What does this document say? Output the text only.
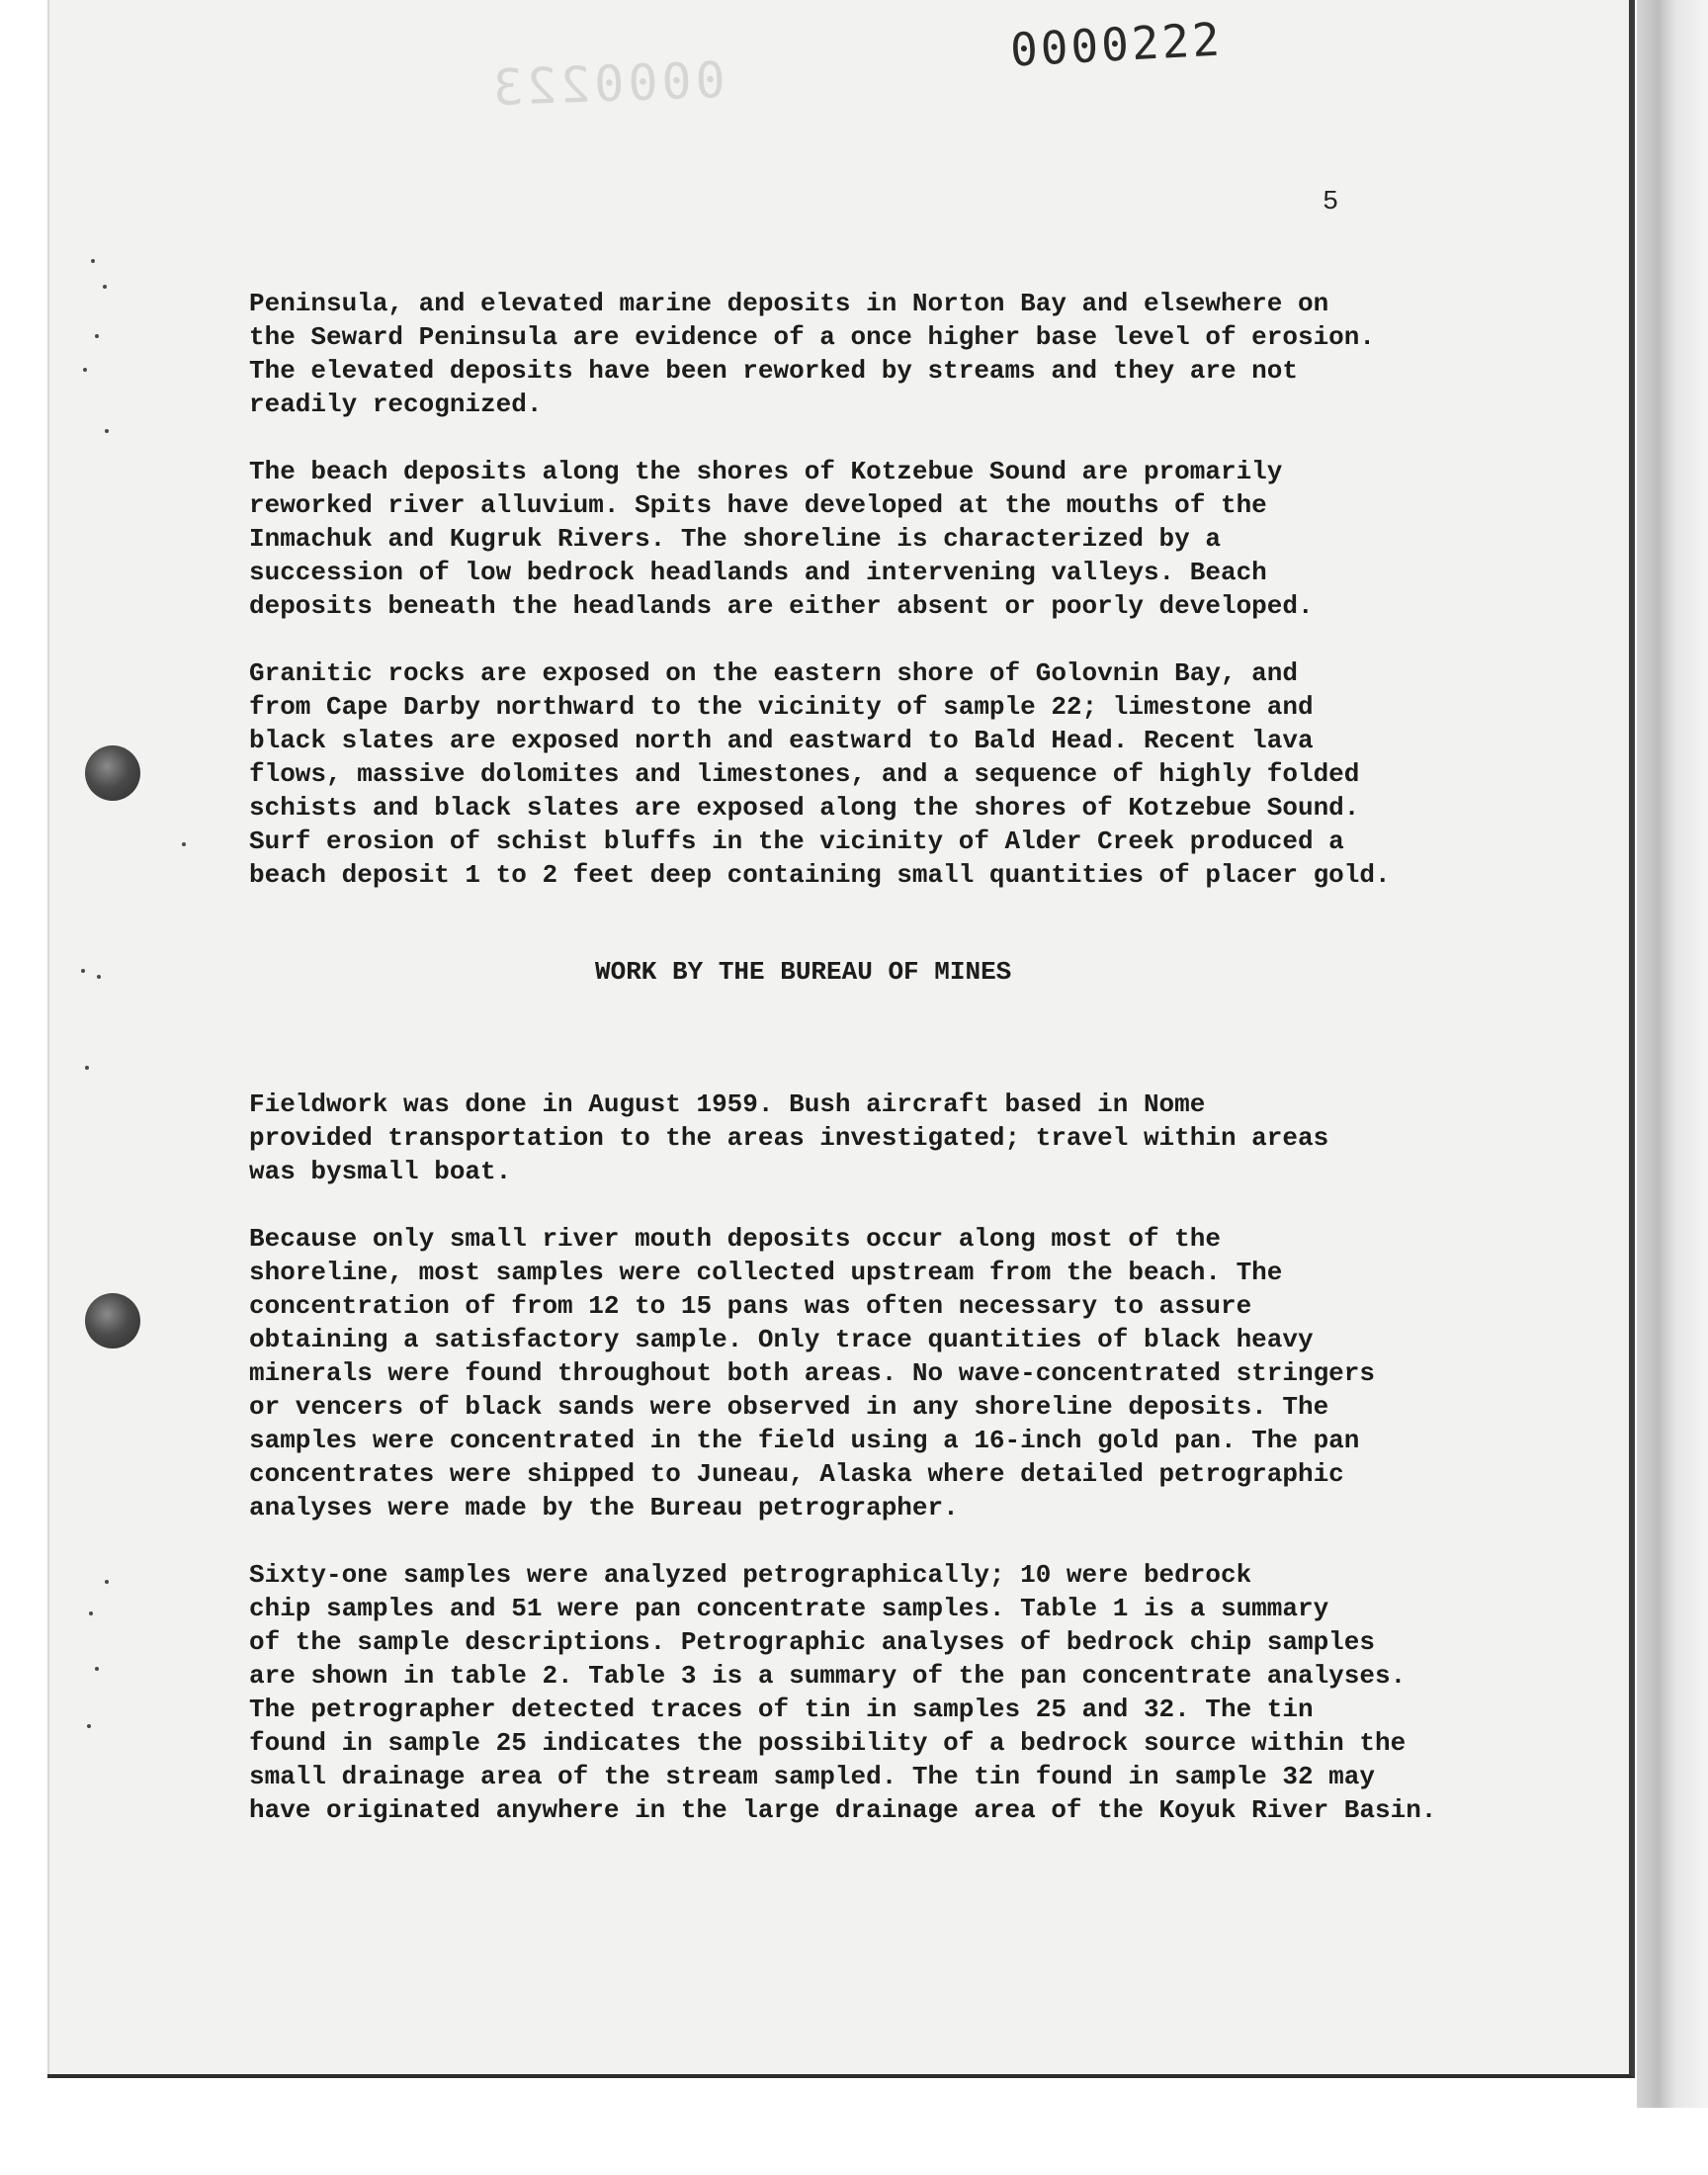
0000223
0000222
5

Peninsula, and elevated marine deposits in Norton Bay and elsewhere on
the Seward Peninsula are evidence of a once higher base level of erosion.
The elevated deposits have been reworked by streams and they are not
readily recognized.

The beach deposits along the shores of Kotzebue Sound are promarily
reworked river alluvium. Spits have developed at the mouths of the
Inmachuk and Kugruk Rivers. The shoreline is characterized by a
succession of low bedrock headlands and intervening valleys. Beach
deposits beneath the headlands are either absent or poorly developed.

Granitic rocks are exposed on the eastern shore of Golovnin Bay, and
from Cape Darby northward to the vicinity of sample 22; limestone and
black slates are exposed north and eastward to Bald Head. Recent lava
flows, massive dolomites and limestones, and a sequence of highly folded
schists and black slates are exposed along the shores of Kotzebue Sound.
Surf erosion of schist bluffs in the vicinity of Alder Creek produced a
beach deposit 1 to 2 feet deep containing small quantities of placer gold.

Fieldwork was done in August 1959. Bush aircraft based in Nome
provided transportation to the areas investigated; travel within areas
was bysmall boat.

Because only small river mouth deposits occur along most of the
shoreline, most samples were collected upstream from the beach. The
concentration of from 12 to 15 pans was often necessary to assure
obtaining a satisfactory sample. Only trace quantities of black heavy
minerals were found throughout both areas. No wave-concentrated stringers
or vencers of black sands were observed in any shoreline deposits. The
samples were concentrated in the field using a 16-inch gold pan. The pan
concentrates were shipped to Juneau, Alaska where detailed petrographic
analyses were made by the Bureau petrographer.

Sixty-one samples were analyzed petrographically; 10 were bedrock
chip samples and 51 were pan concentrate samples. Table 1 is a summary
of the sample descriptions. Petrographic analyses of bedrock chip samples
are shown in table 2. Table 3 is a summary of the pan concentrate analyses.
The petrographer detected traces of tin in samples 25 and 32. The tin
found in sample 25 indicates the possibility of a bedrock source within the
small drainage area of the stream sampled. The tin found in sample 32 may
have originated anywhere in the large drainage area of the Koyuk River Basin.

WORK BY THE BUREAU OF MINES
